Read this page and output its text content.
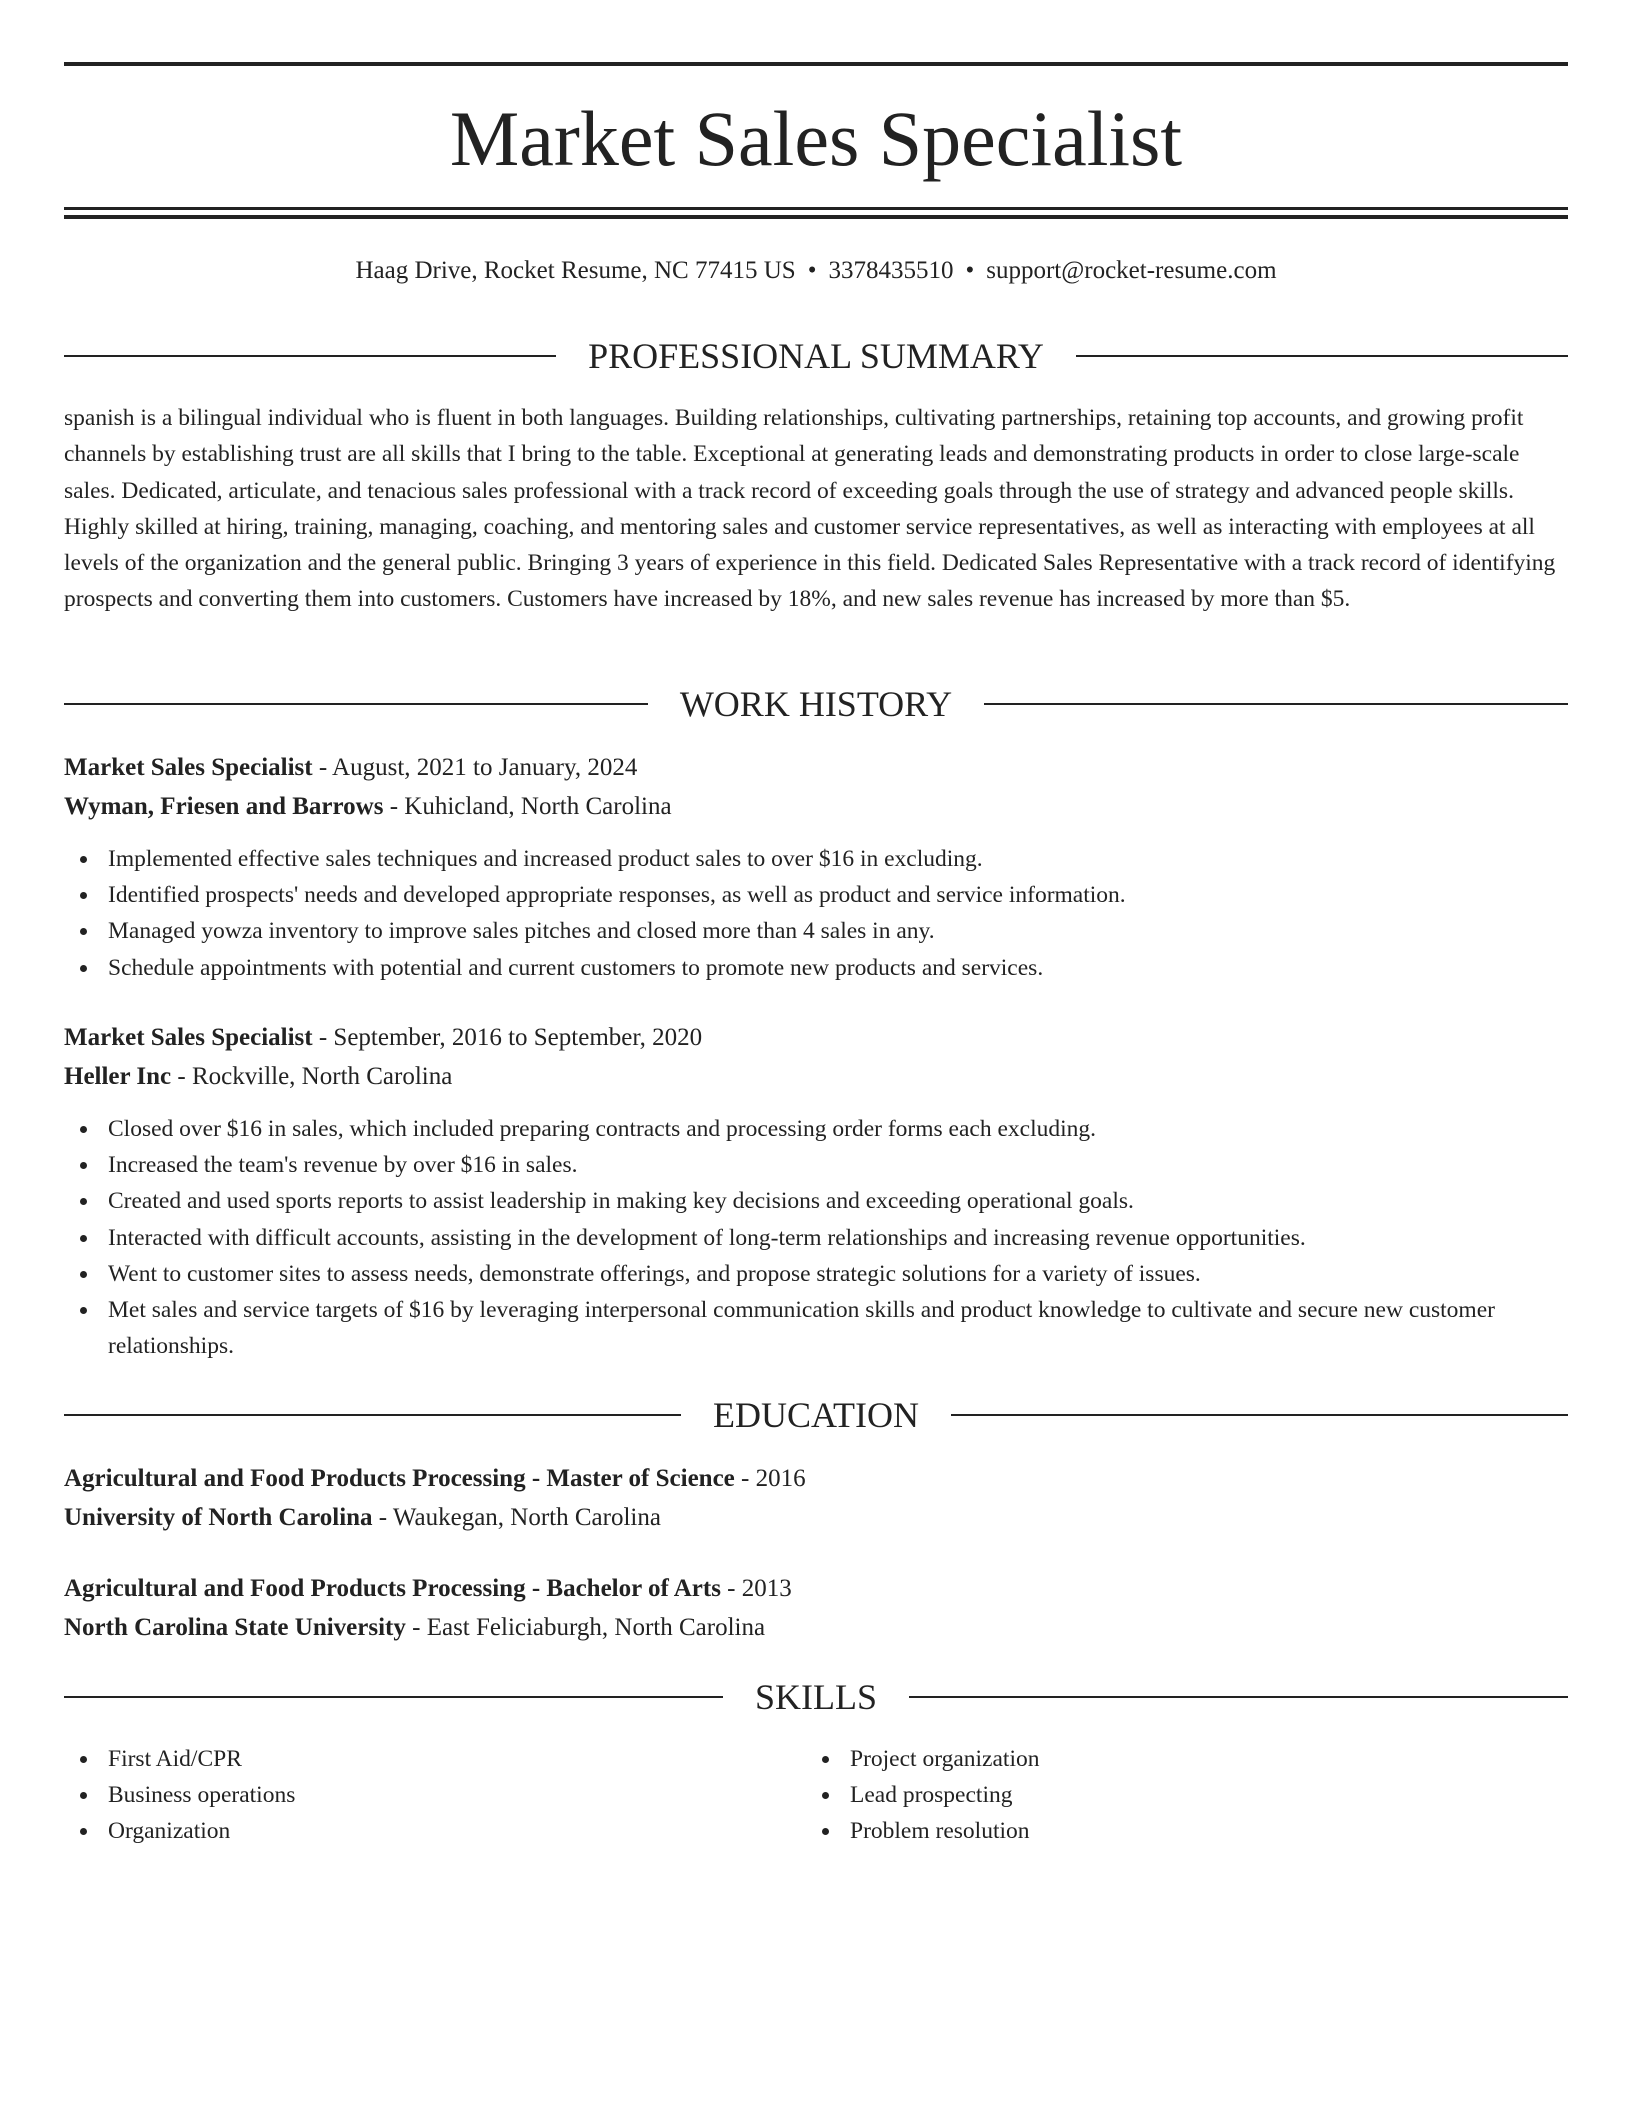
Market Sales Specialist
Haag Drive, Rocket Resume, NC 77415 US • 3378435510 • support@rocket-resume.com
PROFESSIONAL SUMMARY

spanish is a bilingual individual who is fluent in both languages. Building relationships, cultivating partnerships, retaining top accounts, and growing profit channels by establishing trust are all skills that I bring to the table. Exceptional at generating leads and demonstrating products in order to close large-scale sales. Dedicated, articulate, and tenacious sales professional with a track record of exceeding goals through the use of strategy and advanced people skills. Highly skilled at hiring, training, managing, coaching, and mentoring sales and customer service representatives, as well as interacting with employees at all levels of the organization and the general public. Bringing 3 years of experience in this field. Dedicated Sales Representative with a track record of identifying prospects and converting them into customers. Customers have increased by 18%, and new sales revenue has increased by more than $5.

WORK HISTORY
Market Sales Specialist - August, 2021 to January, 2024
Wyman, Friesen and Barrows - Kuhicland, North Carolina
Implemented effective sales techniques and increased product sales to over $16 in excluding.
Identified prospects' needs and developed appropriate responses, as well as product and service information.
Managed yowza inventory to improve sales pitches and closed more than 4 sales in any.
Schedule appointments with potential and current customers to promote new products and services.
Market Sales Specialist - September, 2016 to September, 2020
Heller Inc - Rockville, North Carolina
Closed over $16 in sales, which included preparing contracts and processing order forms each excluding.
Increased the team's revenue by over $16 in sales.
Created and used sports reports to assist leadership in making key decisions and exceeding operational goals.
Interacted with difficult accounts, assisting in the development of long-term relationships and increasing revenue opportunities.
Went to customer sites to assess needs, demonstrate offerings, and propose strategic solutions for a variety of issues.
Met sales and service targets of $16 by leveraging interpersonal communication skills and product knowledge to cultivate and secure new customer relationships.
EDUCATION
Agricultural and Food Products Processing - Master of Science - 2016
University of North Carolina - Waukegan, North Carolina
Agricultural and Food Products Processing - Bachelor of Arts - 2013
North Carolina State University - East Feliciaburgh, North Carolina
SKILLS
First Aid/CPR
Business operations
Organization
Project organization
Lead prospecting
Problem resolution
